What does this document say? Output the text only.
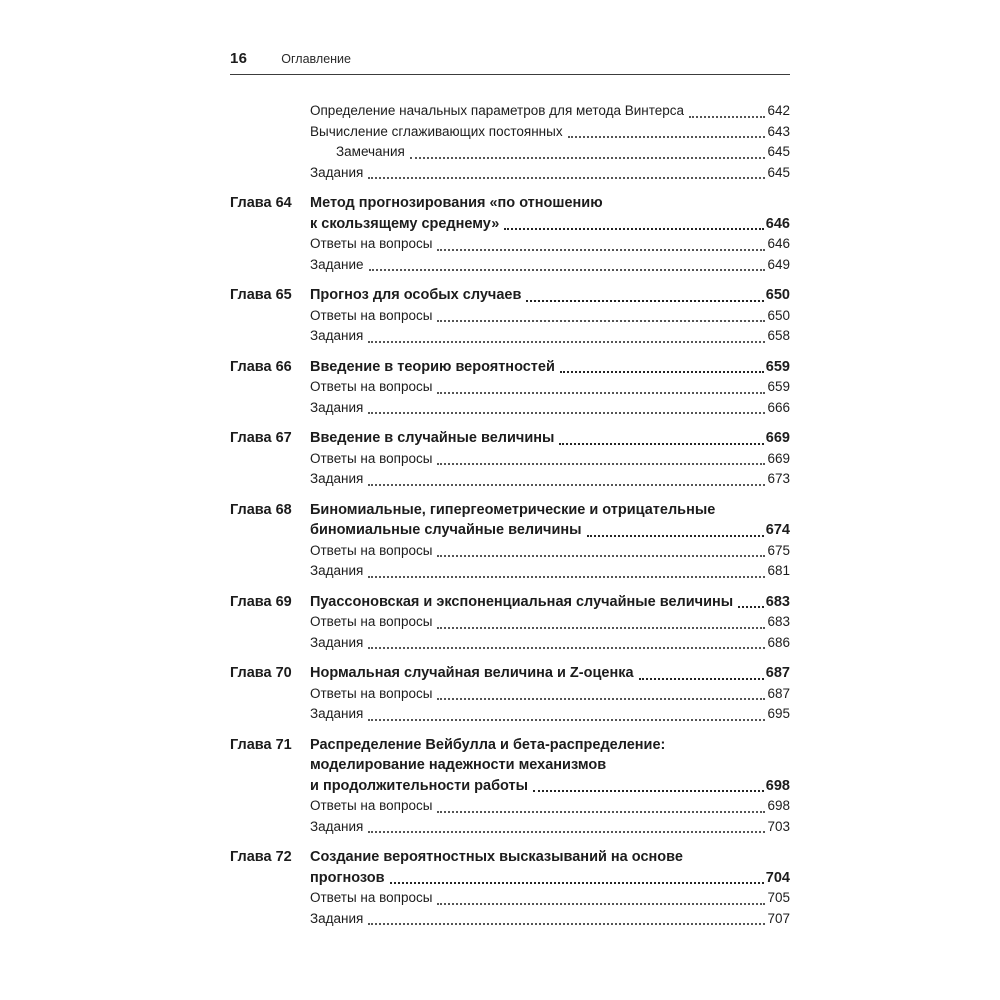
16	Оглавление
Определение начальных параметров для метода Винтерса	642
Вычисление сглаживающих постоянных	643
Замечания	645
Задания	645
Глава 64	Метод прогнозирования «по отношению
к скользящему среднему»	646
Ответы на вопросы	646
Задание	649
Глава 65	Прогноз для особых случаев	650
Ответы на вопросы	650
Задания	658
Глава 66	Введение в теорию вероятностей	659
Ответы на вопросы	659
Задания	666
Глава 67	Введение в случайные величины	669
Ответы на вопросы	669
Задания	673
Глава 68	Биномиальные, гипергеометрические и отрицательные
биномиальные случайные величины	674
Ответы на вопросы	675
Задания	681
Глава 69	Пуассоновская и экспоненциальная случайные величины 683
Ответы на вопросы	683
Задания	686
Глава 70	Нормальная случайная величина и Z-оценка	687
Ответы на вопросы	687
Задания	695
Глава 71	Распределение Вейбулла и бета-распределение:
моделирование надежности механизмов
и продолжительности работы	698
Ответы на вопросы	698
Задания	703
Глава 72	Создание вероятностных высказываний на основе
прогнозов	704
Ответы на вопросы	705
Задания	707
